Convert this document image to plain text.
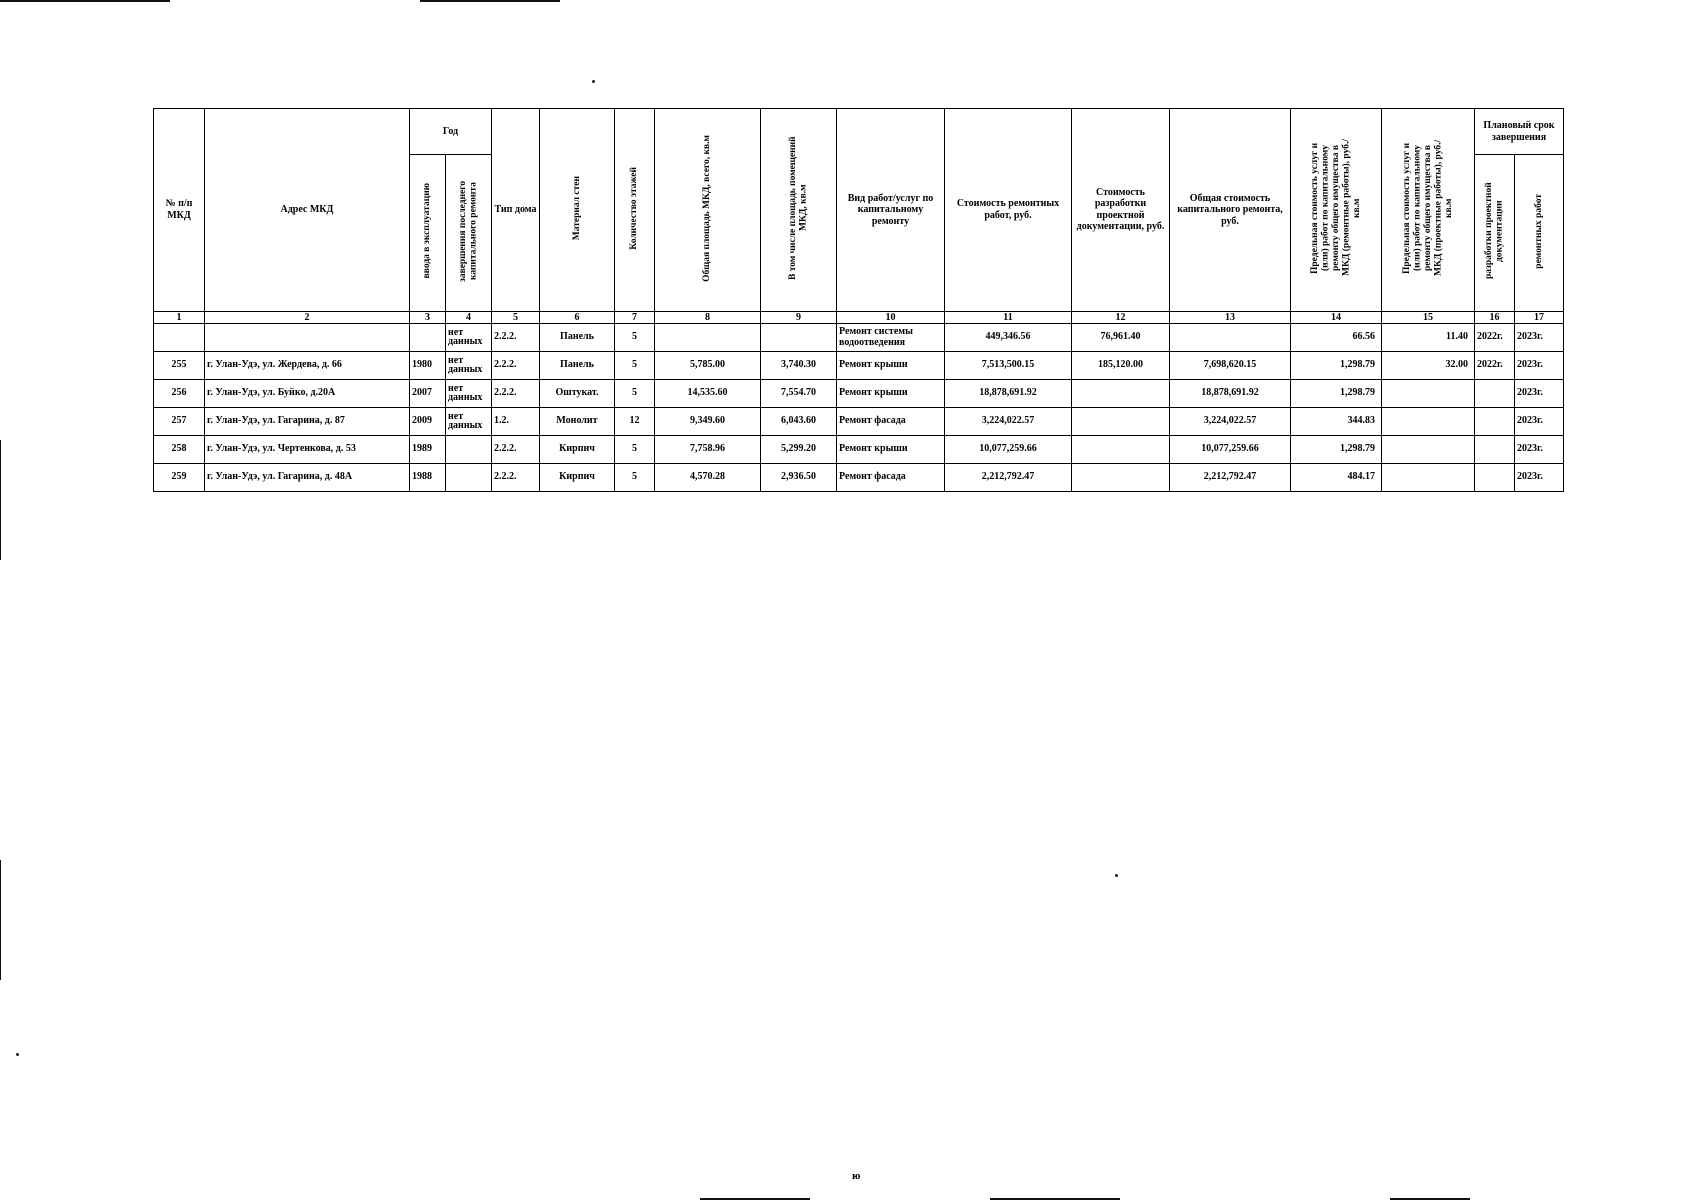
№ п/п МКД	Адрес МКД	Год		Тип дома	Материал стен	Количество этажей	Общая площадь МКД, всего, кв.м	В том числе площадь помещений МКД, кв.м	Вид работ/услуг по капитальному ремонту	Стоимость ремонтных работ, руб.	Стоимость разработки проектной документации, руб.	Общая стоимость капитального ремонта, руб.	Предельная стоимость услуг и (или) работ по капитальному ремонту общего имущества в МКД (ремонтные работы), руб./кв.м	Предельная стоимость услуг и (или) работ по капитальному ремонту общего имущества в МКД (проектные работы), руб./кв.м	Плановый срок завершения	
		ввода в эксплуатацию	завершения последнего капитального ремонта												разработки проектной документации	ремонтных работ
1	2	3	4	5	6	7	8	9	10	11	12	13	14	15	16	17
			нет данных	2.2.2.	Панель	5			Ремонт системы водоотведения	449,346.56	76,961.40		66.56	11.40	2022г.	2023г.
255	г. Улан-Удэ, ул. Жердева, д. 66	1980	нет данных	2.2.2.	Панель	5	5,785.00	3,740.30	Ремонт крыши	7,513,500.15	185,120.00	7,698,620.15	1,298.79	32.00	2022г.	2023г.
256	г. Улан-Удэ, ул. Буйко, д.20А	2007	нет данных	2.2.2.	Оштукат.	5	14,535.60	7,554.70	Ремонт крыши	18,878,691.92		18,878,691.92	1,298.79			2023г.
257	г. Улан-Удэ, ул. Гагарина, д. 87	2009	нет данных	1.2.	Монолит	12	9,349.60	6,043.60	Ремонт фасада	3,224,022.57		3,224,022.57	344.83			2023г.
258	г. Улан-Удэ, ул. Чертенкова, д. 53	1989		2.2.2.	Кирпич	5	7,758.96	5,299.20	Ремонт крыши	10,077,259.66		10,077,259.66	1,298.79			2023г.
259	г. Улан-Удэ, ул. Гагарина, д. 48А	1988		2.2.2.	Кирпич	5	4,570.28	2,936.50	Ремонт фасада	2,212,792.47		2,212,792.47	484.17			2023г.
ю
